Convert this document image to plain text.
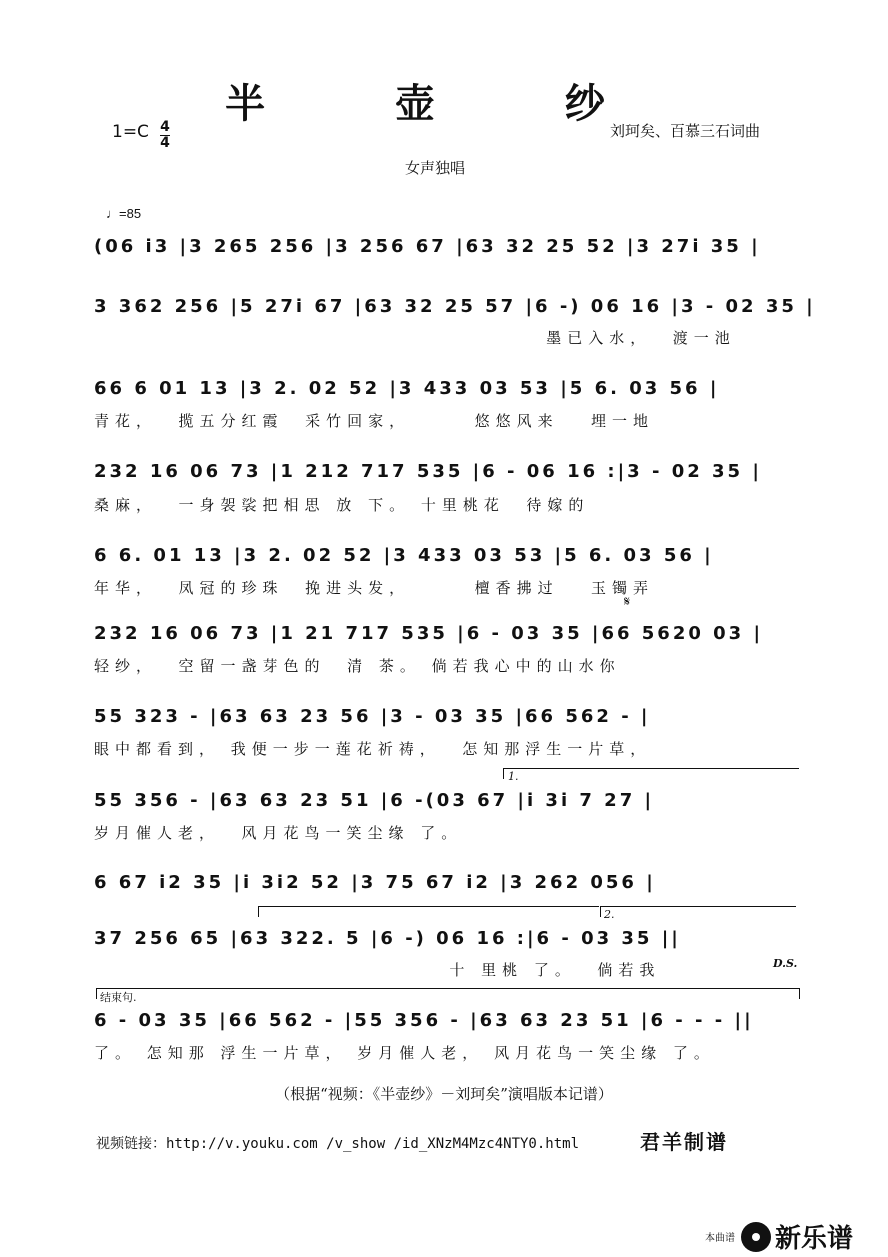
半 壶 纱
1=C 4
4
刘珂矣、百慕三石词曲
女声独唱
♩=85
(06 i3 |3 265 256 |3 256 67 |63 32 25 52 |3 27i 35 |
3 362 256 |5 27i 67 |63 32 25 57 |6 -) 06 16 |3 - 02 35 |
墨已入水，  渡一池
66 6 01 13 |3 2. 02 52 |3 433 03 53 |5 6. 03 56 |
青花，  揽五分红霞  采竹回家，      悠悠风来   埋一地
232 16 06 73 |1 212 717 535 |6 - 06 16 :|3 - 02 35 |
桑麻，  一身袈裟把相思 放 下。 十里桃花  待嫁的
6 6. 01 13 |3 2. 02 52 |3 433 03 53 |5 6. 03 56 |
年华，  凤冠的珍珠  挽进头发，      檀香拂过   玉镯弄
𝄋
232 16 06 73 |1 21 717 535 |6 - 03 35 |66 5620 03 |
轻纱，  空留一盏芽色的  清 茶。 倘若我心中的山水你
55 323 - |63 63 23 56 |3 - 03 35 |66 562 - |
眼中都看到， 我便一步一莲花祈祷，  怎知那浮生一片草，
1.
55 356 - |63 63 23 51 |6 -(03 67 |i 3i 7 27 |
岁月催人老，  风月花鸟一笑尘缘 了。
6 67 i2 35 |i 3i2 52 |3 75 67 i2 |3 262 056 |
2.
37 256 65 |63 322. 5 |6 -) 06 16 :|6 - 03 35 ||
十 里桃 了。  倘若我	D.S.
结束句.
6 - 03 35 |66 562 - |55 356 - |63 63 23 51 |6 - - - ||
了。 怎知那 浮生一片草， 岁月催人老， 风月花鸟一笑尘缘 了。
（根据“视频：《半壶纱》－刘珂矣”演唱版本记谱）
视频链接：http://v.youku.com /v_show /id_XNzM4Mzc4NTY0.html	君羊制谱
本曲谱 新乐谱
